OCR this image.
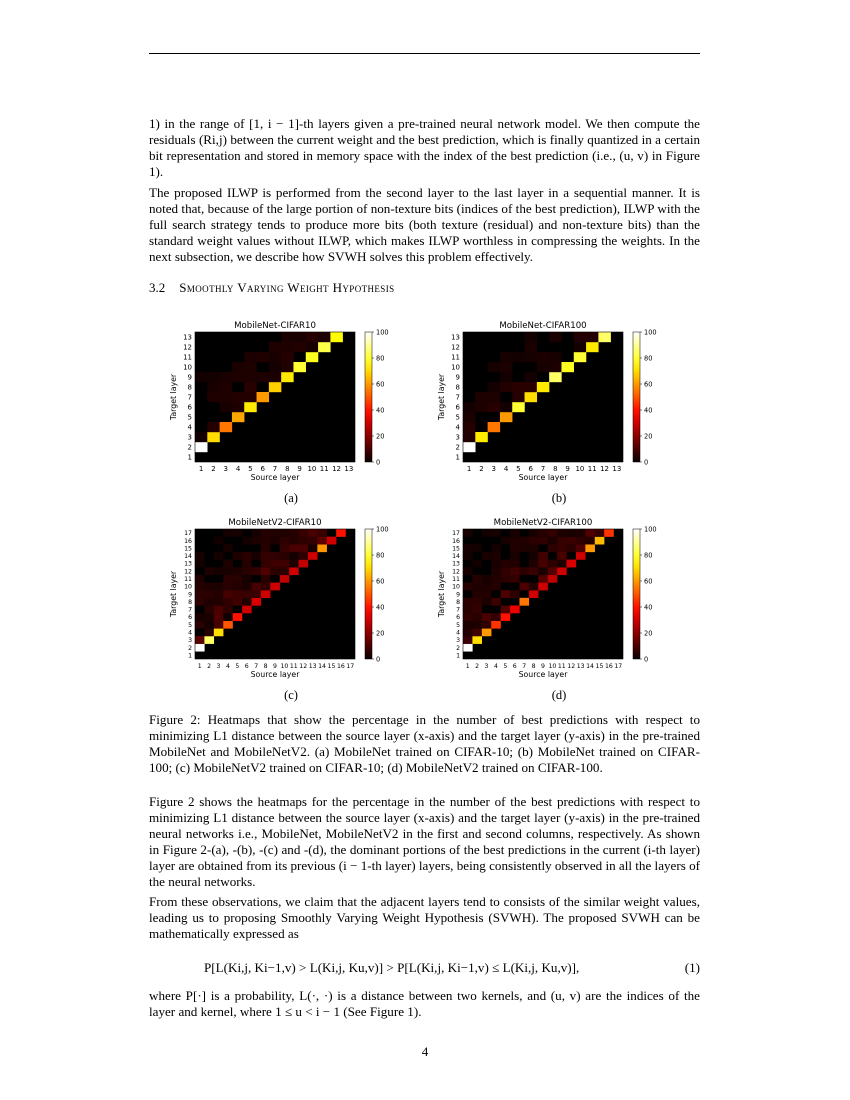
1) in the range of [1, i − 1]-th layers given a pre-trained neural network model. We then compute the residuals (Ri,j) between the current weight and the best prediction, which is finally quantized in a certain bit representation and stored in memory space with the index of the best prediction (i.e., (u, v) in Figure 1).

The proposed ILWP is performed from the second layer to the last layer in a sequential manner. It is noted that, because of the large portion of non-texture bits (indices of the best prediction), ILWP with the full search strategy tends to produce more bits (both texture (residual) and non-texture bits) than the standard weight values without ILWP, which makes ILWP worthless in compressing the weights. In the next subsection, we describe how SVWH solves this problem effectively.

3.2 Smoothly Varying Weight Hypothesis
MobileNet-CIFAR10
1
1
2
2
3
3
4
4
5
5
6
6
7
7
8
8
9
9
10
10
11
11
12
12
13
13
Source layer
Target layer
0
20
40
60
80
100
(a)
MobileNet-CIFAR100
1
1
2
2
3
3
4
4
5
5
6
6
7
7
8
8
9
9
10
10
11
11
12
12
13
13
Source layer
Target layer
0
20
40
60
80
100
(b)
MobileNetV2-CIFAR10
1
1
2
2
3
3
4
4
5
5
6
6
7
7
8
8
9
9
10
10
11
11
12
12
13
13
14
14
15
15
16
16
17
17
Source layer
Target layer
0
20
40
60
80
100
(c)
MobileNetV2-CIFAR100
1
1
2
2
3
3
4
4
5
5
6
6
7
7
8
8
9
9
10
10
11
11
12
12
13
13
14
14
15
15
16
16
17
17
Source layer
Target layer
0
20
40
60
80
100
(d)

Figure 2: Heatmaps that show the percentage in the number of best predictions with respect to minimizing L1 distance between the source layer (x-axis) and the target layer (y-axis) in the pre-trained MobileNet and MobileNetV2. (a) MobileNet trained on CIFAR-10; (b) MobileNet trained on CIFAR-100; (c) MobileNetV2 trained on CIFAR-10; (d) MobileNetV2 trained on CIFAR-100.

Figure 2 shows the heatmaps for the percentage in the number of the best predictions with respect to minimizing L1 distance between the source layer (x-axis) and the target layer (y-axis) in the pre-trained neural networks i.e., MobileNet, MobileNetV2 in the first and second columns, respectively. As shown in Figure 2-(a), -(b), -(c) and -(d), the dominant portions of the best predictions in the current (i-th layer) layer are obtained from its previous (i − 1-th layer) layers, being consistently observed in all the layers of the neural networks.

From these observations, we claim that the adjacent layers tend to consists of the similar weight values, leading us to proposing Smoothly Varying Weight Hypothesis (SVWH). The proposed SVWH can be mathematically expressed as

P[L(Ki,j, Ki−1,v) > L(Ki,j, Ku,v)] > P[L(Ki,j, Ki−1,v) ≤ L(Ki,j, Ku,v)],	(1)

where P[·] is a probability, L(·, ·) is a distance between two kernels, and (u, v) are the indices of the layer and kernel, where 1 ≤ u < i − 1 (See Figure 1).

4
